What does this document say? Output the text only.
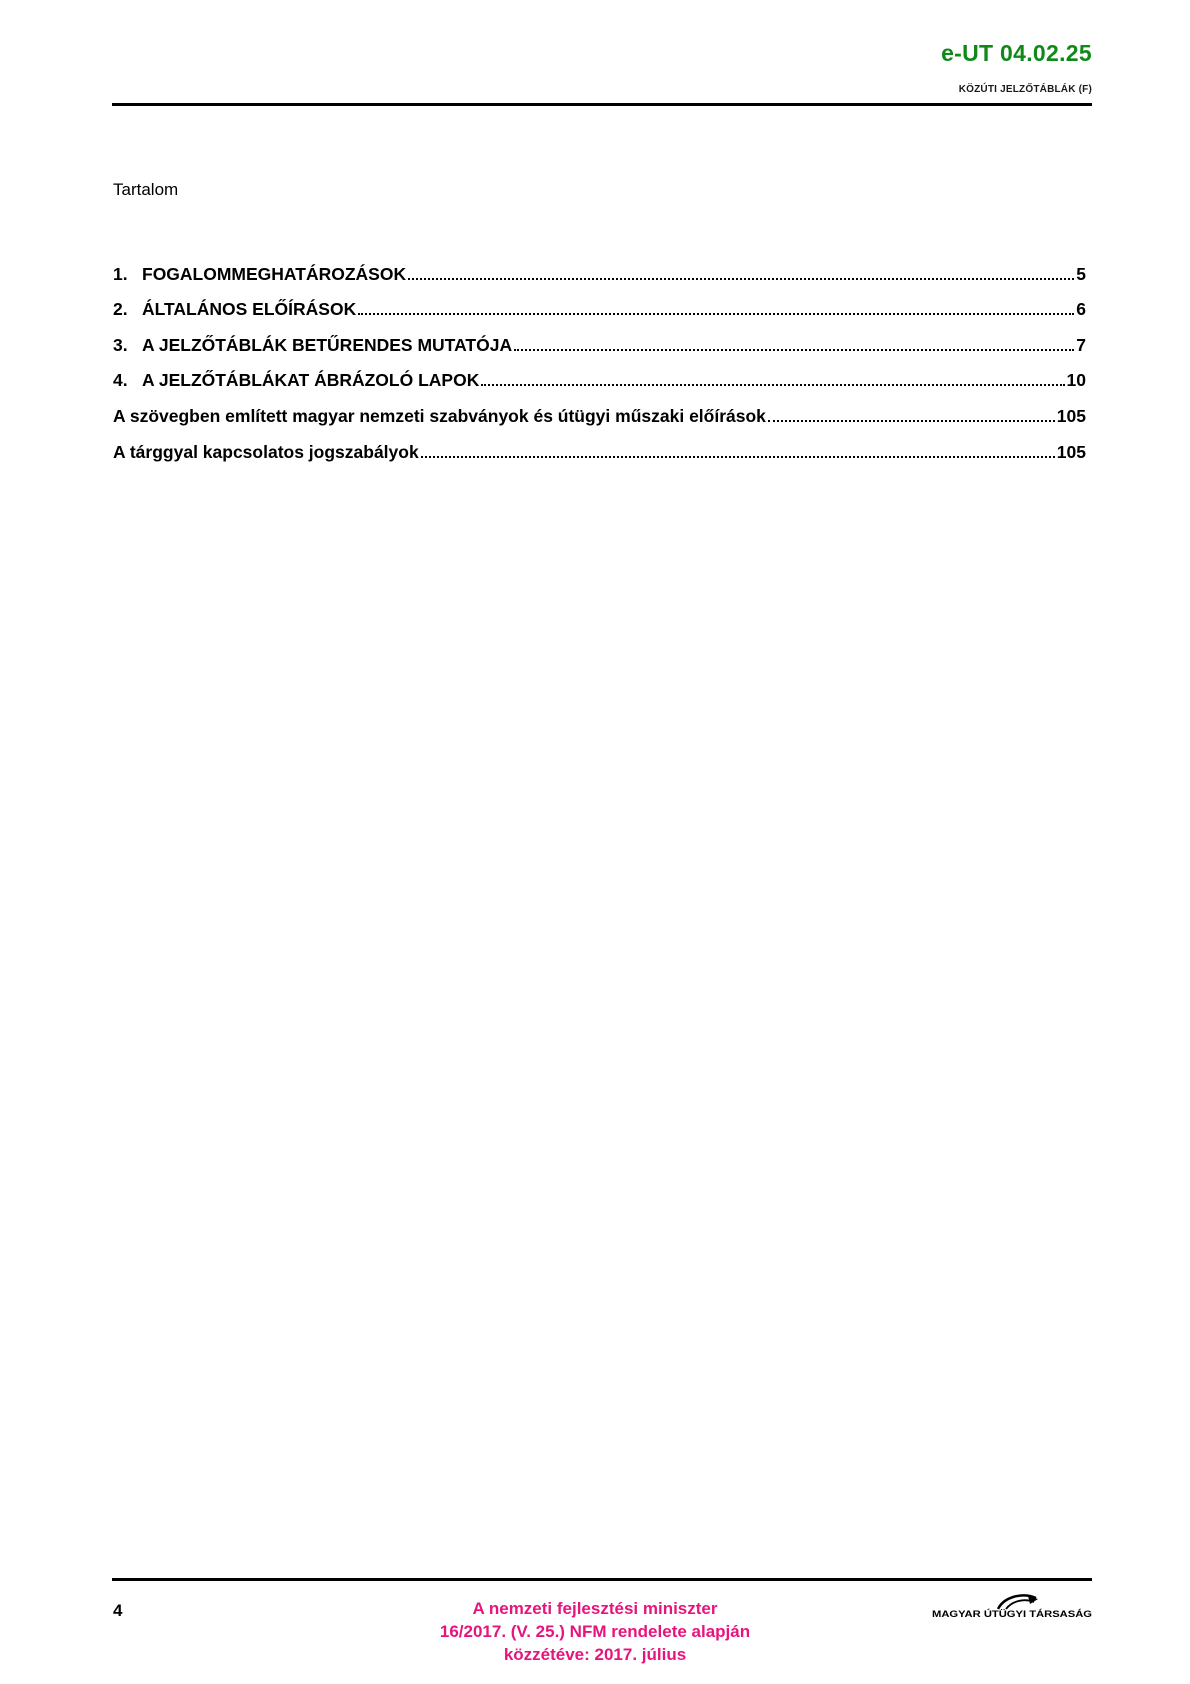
e-UT 04.02.25
KÖZÚTI JELZŐTÁBLÁK (F)
Tartalom
1. FOGALOMMEGHATÁROZÁSOK	5
2. ÁLTALÁNOS ELŐÍRÁSOK	6
3. A JELZŐTÁBLÁK BETŰRENDES MUTATÓJA	7
4. A JELZŐTÁBLÁKAT ÁBRÁZOLÓ LAPOK	10
A szövegben említett magyar nemzeti szabványok és útügyi műszaki előírások	105
A tárggyal kapcsolatos jogszabályok	105
4	A nemzeti fejlesztési miniszter
16/2017. (V. 25.) NFM rendelete alapján
közzétéve: 2017. július
MAGYAR ÚTÜGYI TÁRSASÁG
